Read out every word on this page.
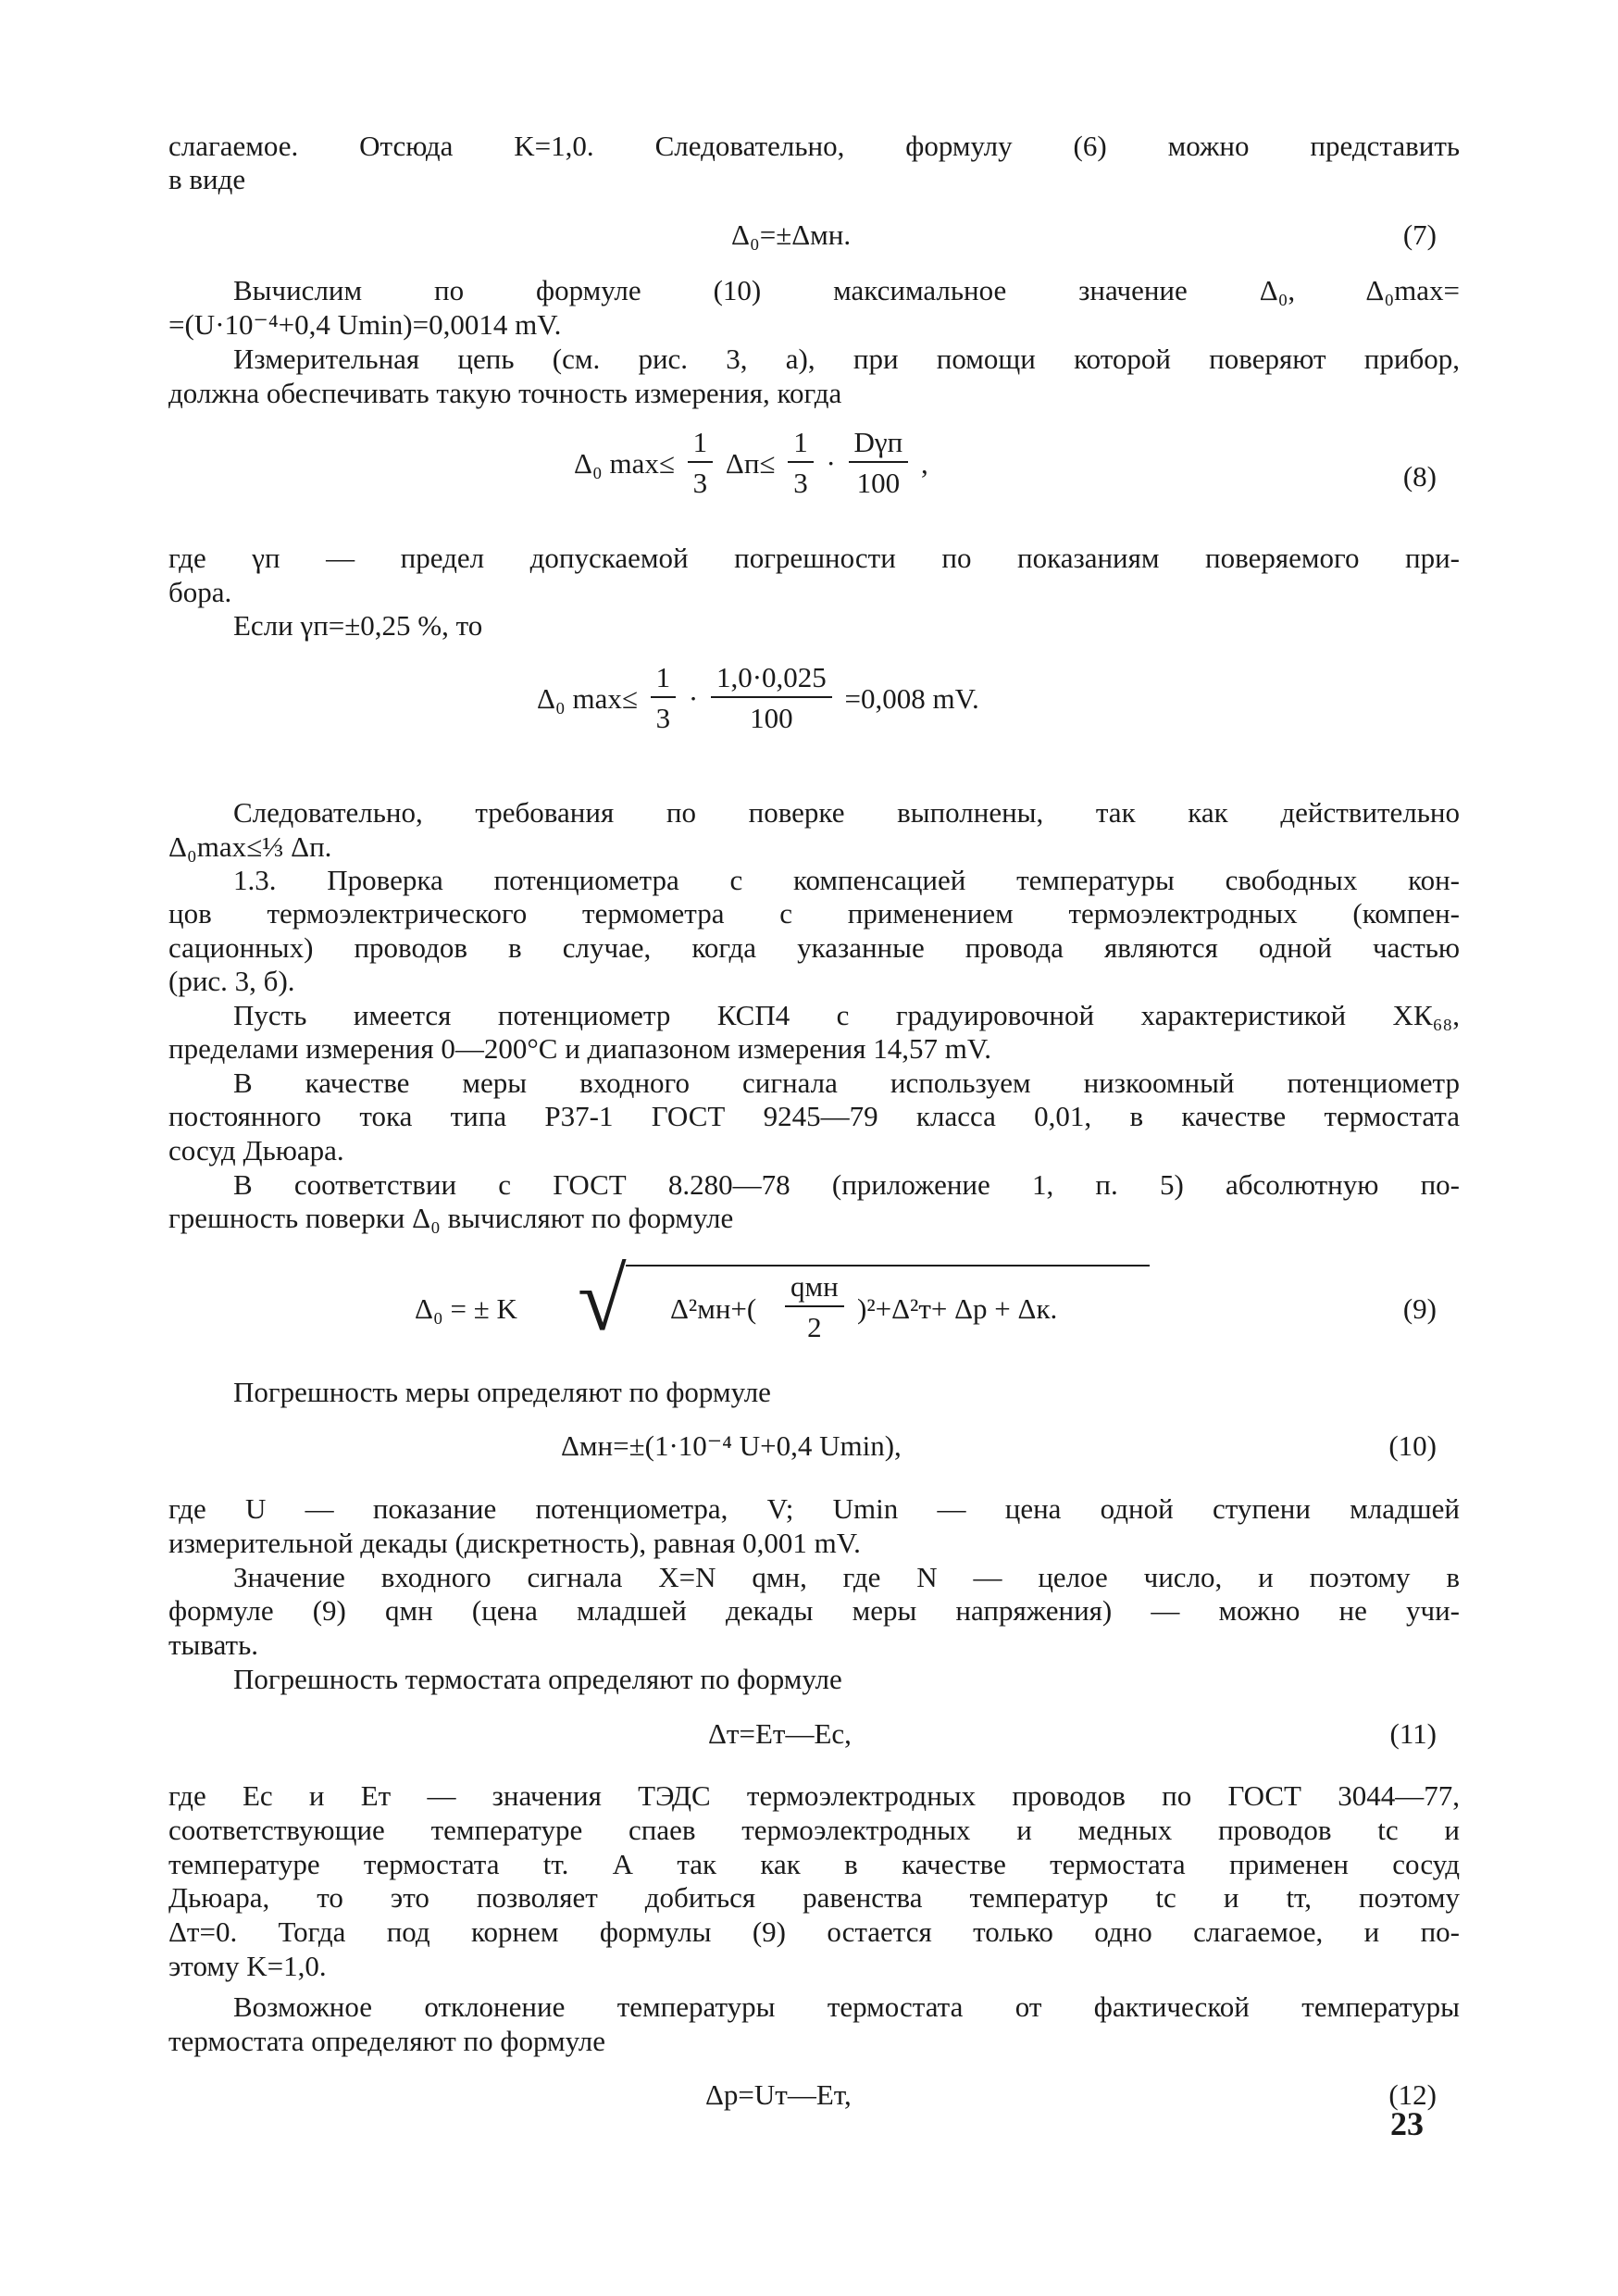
слагаемое. Отсюда K=1,0. Следовательно, формулу (6) можно представить
в виде
Δ₀=±Δмн.	(7)
Вычислим по формуле (10) максимальное значение Δ₀, Δ₀max=
=(U·10⁻⁴+0,4 Umin)=0,0014 mV.
Измерительная цепь (см. рис. 3, a), при помощи которой поверяют прибор,
должна обеспечивать такую точность измерения, когда
Δ₀ $\max\le \frac{1}{3} \Delta п\le \frac{1}{3} \cdot \frac{\text{Dγп}}{100}$ ,	(8)
где γп — предел допускаемой погрешности по показаниям поверяемого при-
бора.
Если γп=±0,25 %, то
Δ₀ $\max\le \frac{1}{3} \cdot \frac{1,0\cdot 0,025}{100} =0,008$ mV.
Следовательно, требования по поверке выполнены, так как действительно
Δ₀max≤⅓ Δп.
1.3. Проверка потенциометра с компенсацией температуры свободных кон-
цов термоэлектрического термометра с применением термоэлектродных (компен-
сационных) проводов в случае, когда указанные провода являются одной частью
(рис. 3, б).
Пусть имеется потенциометр КСП4 с градуировочной характеристикой ХК₆₈,
пределами измерения 0—200°C и диапазоном измерения 14,57 mV.
В качестве меры входного сигнала используем низкоомный потенциометр
постоянного тока типа Р37-1 ГОСТ 9245—79 класса 0,01, в качестве термостата
сосуд Дьюара.
В соответствии с ГОСТ 8.280—78 (приложение 1, п. 5) абсолютную по-
грешность поверки Δ₀ вычисляют по формуле
Δ₀ = ± K √ Δ²мн+(
qмн
2
)²+Δ²т+ Δр + Δк.	(9)
Погрешность меры определяют по формуле
Δмн=±(1·10⁻⁴ U+0,4 Umin),	(10)
где U — показание потенциометра, V; Umin — цена одной ступени младшей
измерительной декады (дискретность), равная 0,001 mV.
Значение входного сигнала X=N qмн, где N — целое число, и поэтому в
формуле (9) qмн (цена младшей декады меры напряжения) — можно не учи-
тывать.
Погрешность термостата определяют по формуле
Δт=Eт—Eс,	(11)
где Eс и Eт — значения ТЭДС термоэлектродных проводов по ГОСТ 3044—77,
соответствующие температуре спаев термоэлектродных и медных проводов tс и
температуре термостата tт. А так как в качестве термостата применен сосуд
Дьюара, то это позволяет добиться равенства температур tс и tт, поэтому
Δт=0. Тогда под корнем формулы (9) остается только одно слагаемое, и по-
этому K=1,0.
Возможное отклонение температуры термостата от фактической температуры
термостата определяют по формуле
Δр=Uт—Eт,	(12)
23
